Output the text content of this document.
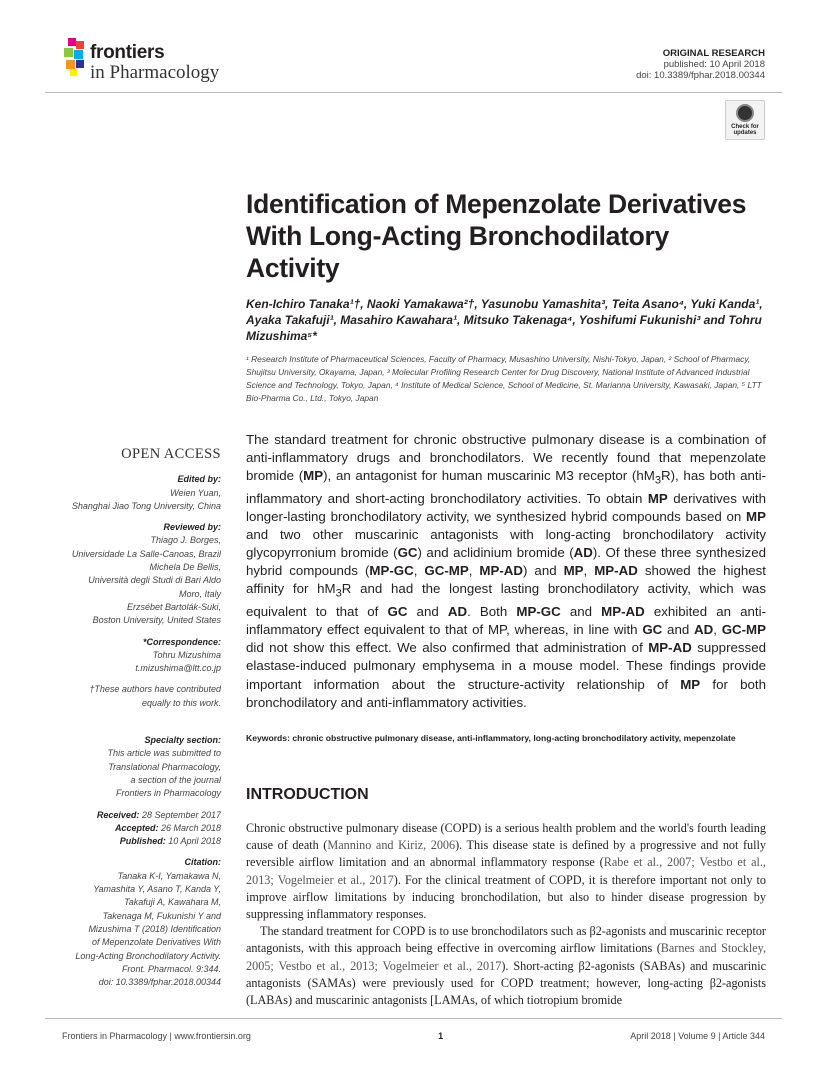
frontiers
in Pharmacology
ORIGINAL RESEARCH
published: 10 April 2018
doi: 10.3389/fphar.2018.00344
Check for updates
Identification of Mepenzolate Derivatives With Long-Acting Bronchodilatory Activity
Ken-Ichiro Tanaka¹†, Naoki Yamakawa²†, Yasunobu Yamashita³, Teita Asano⁴, Yuki Kanda¹, Ayaka Takafuji¹, Masahiro Kawahara¹, Mitsuko Takenaga⁴, Yoshifumi Fukunishi³ and Tohru Mizushima⁵*
¹ Research Institute of Pharmaceutical Sciences, Faculty of Pharmacy, Musashino University, Nishi-Tokyo, Japan, ² School of Pharmacy, Shujitsu University, Okayama, Japan, ³ Molecular Profiling Research Center for Drug Discovery, National Institute of Advanced Industrial Science and Technology, Tokyo, Japan, ⁴ Institute of Medical Science, School of Medicine, St. Marianna University, Kawasaki, Japan, ⁵ LTT Bio-Pharma Co., Ltd., Tokyo, Japan
OPEN ACCESS
Edited by:
Weien Yuan,
Shanghai Jiao Tong University, China
Reviewed by:
Thiago J. Borges,
Universidade La Salle-Canoas, Brazil
Michela De Bellis,
Università degli Studi di Bari Aldo
Moro, Italy
Erzsébet Bartolák-Suki,
Boston University, United States
*Correspondence:
Tohru Mizushima
t.mizushima@ltt.co.jp
†These authors have contributed
equally to this work.
Specialty section:
This article was submitted to
Translational Pharmacology,
a section of the journal
Frontiers in Pharmacology
Received: 28 September 2017
Accepted: 26 March 2018
Published: 10 April 2018
Citation:
Tanaka K-I, Yamakawa N,
Yamashita Y, Asano T, Kanda Y,
Takafuji A, Kawahara M,
Takenaga M, Fukunishi Y and
Mizushima T (2018) Identification
of Mepenzolate Derivatives With
Long-Acting Bronchodilatory Activity.
Front. Pharmacol. 9:344.
doi: 10.3389/fphar.2018.00344
The standard treatment for chronic obstructive pulmonary disease is a combination of anti-inflammatory drugs and bronchodilators. We recently found that mepenzolate bromide (MP), an antagonist for human muscarinic M3 receptor $(hM_3R)$, has both anti-inflammatory and short-acting bronchodilatory activities. To obtain MP derivatives with longer-lasting bronchodilatory activity, we synthesized hybrid compounds based on MP and two other muscarinic antagonists with long-acting bronchodilatory activity glycopyrronium bromide (GC) and aclidinium bromide (AD). Of these three synthesized hybrid compounds (MP-GC, GC-MP, MP-AD) and MP, MP-AD showed the highest affinity for $hM_3R$ and had the longest lasting bronchodilatory activity, which was equivalent to that of GC and AD. Both MP-GC and MP-AD exhibited an anti-inflammatory effect equivalent to that of MP, whereas, in line with GC and AD, GC-MP did not show this effect. We also confirmed that administration of MP-AD suppressed elastase-induced pulmonary emphysema in a mouse model. These findings provide important information about the structure-activity relationship of MP for both bronchodilatory and anti-inflammatory activities.
Keywords: chronic obstructive pulmonary disease, anti-inflammatory, long-acting bronchodilatory activity, mepenzolate
INTRODUCTION

Chronic obstructive pulmonary disease (COPD) is a serious health problem and the world's fourth leading cause of death (Mannino and Kiriz, 2006). This disease state is defined by a progressive and not fully reversible airflow limitation and an abnormal inflammatory response (Rabe et al., 2007; Vestbo et al., 2013; Vogelmeier et al., 2017). For the clinical treatment of COPD, it is therefore important not only to improve airflow limitations by inducing bronchodilation, but also to hinder disease progression by suppressing inflammatory responses.

The standard treatment for COPD is to use bronchodilators such as β2-agonists and muscarinic receptor antagonists, with this approach being effective in overcoming airflow limitations (Barnes and Stockley, 2005; Vestbo et al., 2013; Vogelmeier et al., 2017). Short-acting β2-agonists (SABAs) and muscarinic antagonists (SAMAs) were previously used for COPD treatment; however, long-acting β2-agonists (LABAs) and muscarinic antagonists [LAMAs, of which tiotropium bromide

Frontiers in Pharmacology | www.frontiersin.org	1	April 2018 | Volume 9 | Article 344
